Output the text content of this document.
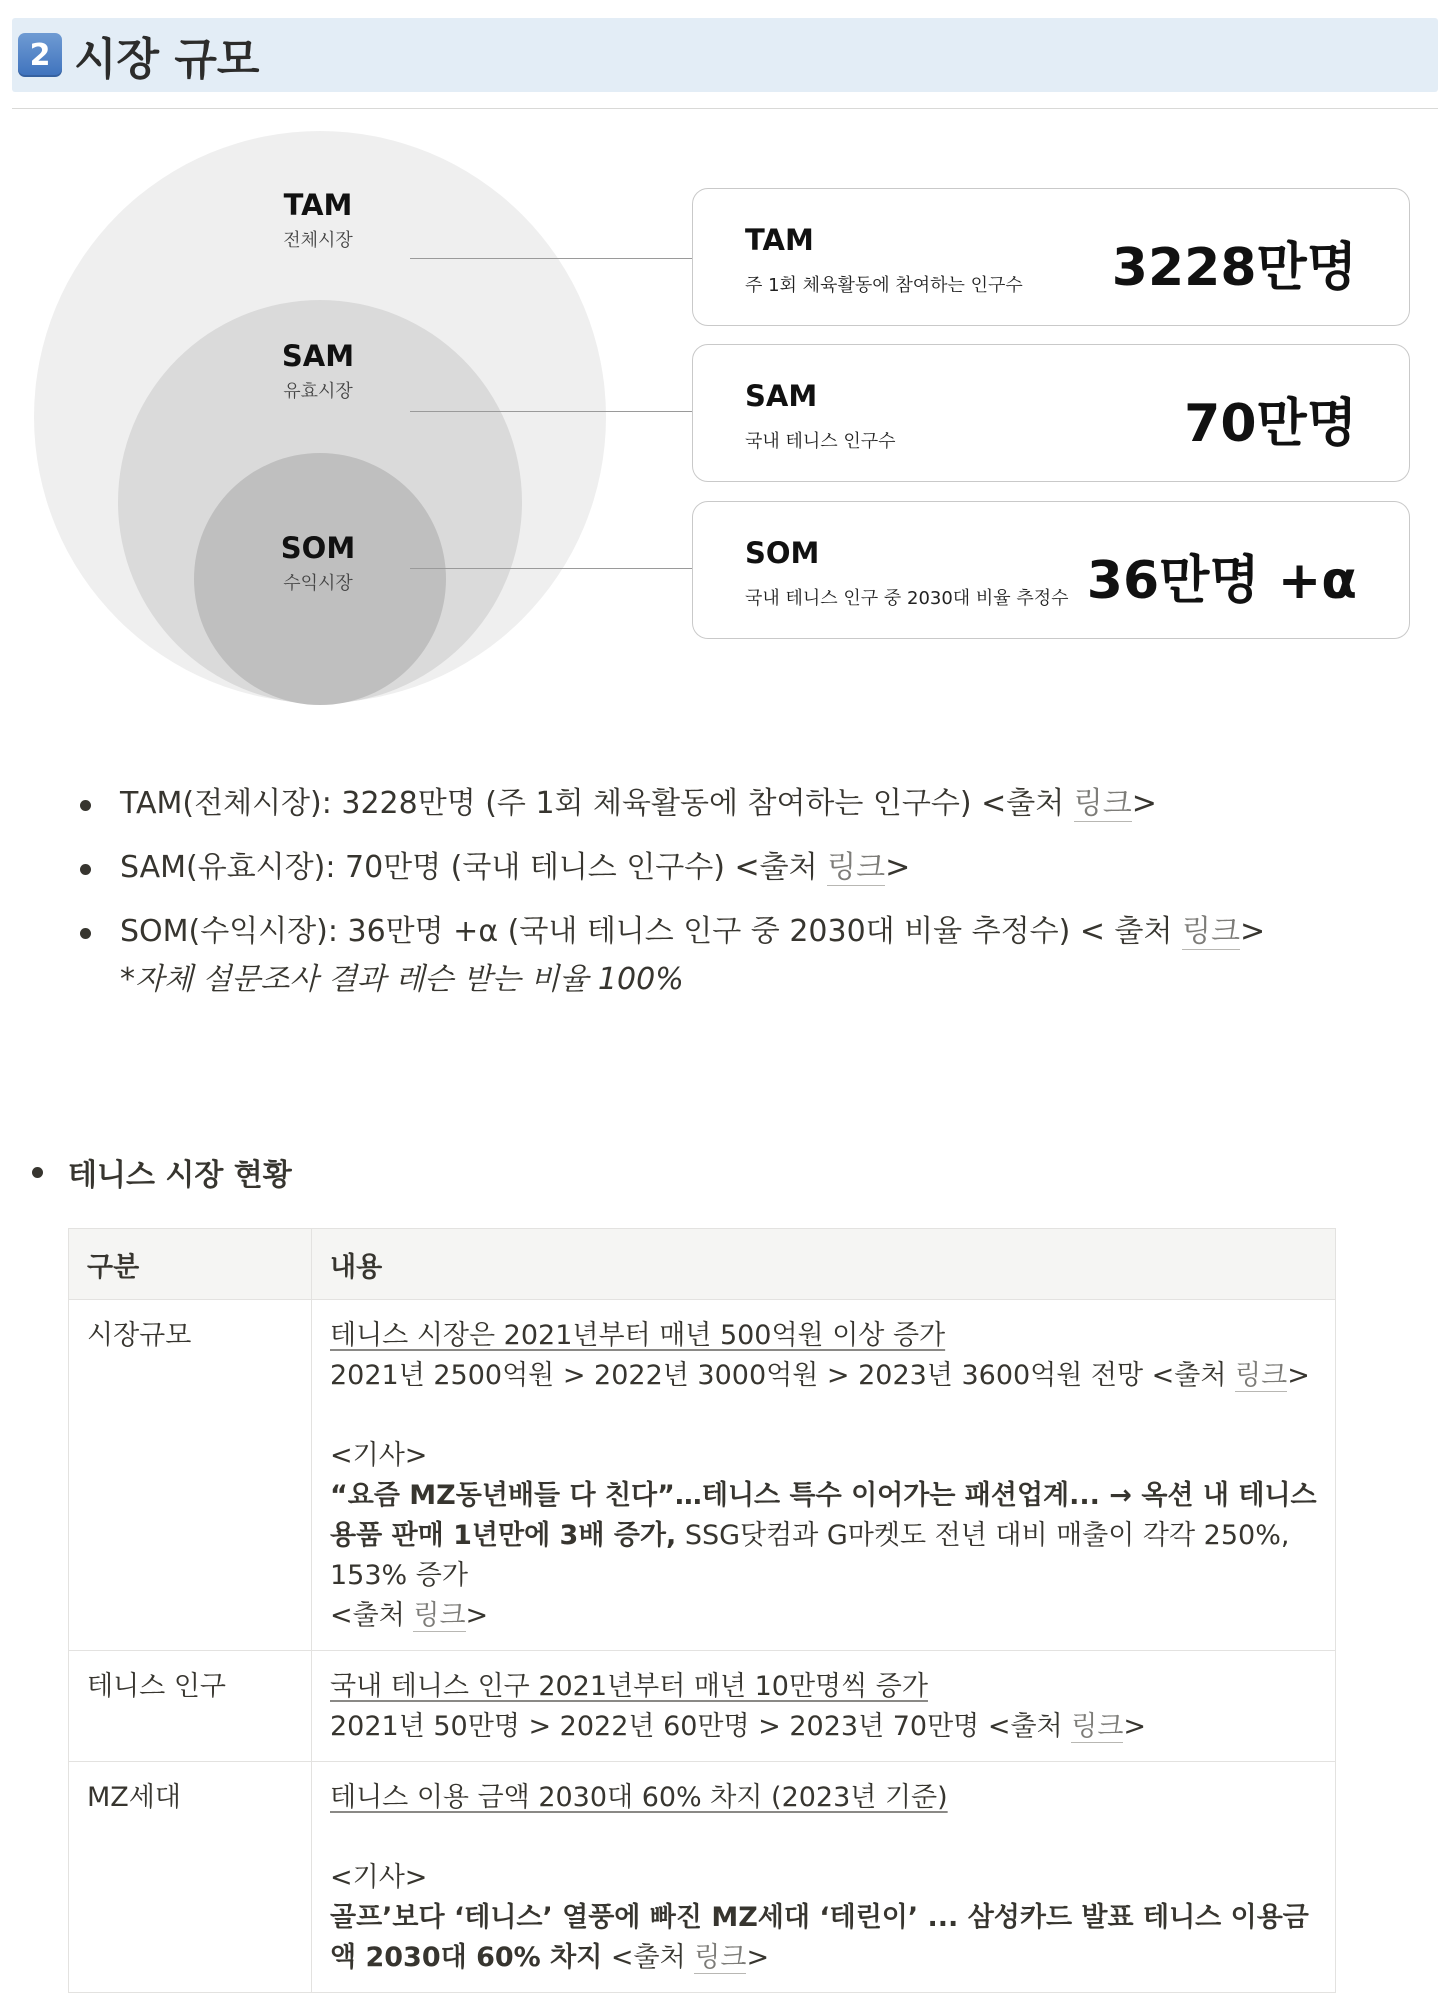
2 시장 규모
TAM
전체시장
SAM
유효시장
SOM
수익시장
TAM
주 1회 체육활동에 참여하는 인구수 3228만명
SAM
국내 테니스 인구수	70만명
SOM
국내 테니스 인구 중 2030대 비율 추정수 36만명 +α
TAM(전체시장): 3228만명 (주 1회 체육활동에 참여하는 인구수) <출처 링크>
SAM(유효시장): 70만명 (국내 테니스 인구수) <출처 링크>
SOM(수익시장): 36만명 +α (국내 테니스 인구 중 2030대 비율 추정수) < 출처 링크>
*자체 설문조사 결과 레슨 받는 비율 100%
테니스 시장 현황
구분	내용
시장규모	테니스 시장은 2021년부터 매년 500억원 이상 증가
2021년 2500억원 > 2022년 3000억원 > 2023년 3600억원 전망 <출처 링크>
<기사>
“요즘 MZ동년배들 다 친다”…테니스 특수 이어가는 패션업계... → 옥션 내 테니스 용품 판매 1년만에 3배 증가, SSG닷컴과 G마켓도 전년 대비 매출이 각각 250%, 153% 증가
<출처 링크>

테니스 인구	국내 테니스 인구 2021년부터 매년 10만명씩 증가
2021년 50만명 > 2022년 60만명 > 2023년 70만명 <출처 링크>

MZ세대	테니스 이용 금액 2030대 60% 차지 (2023년 기준)
<기사>
골프’보다 ‘테니스’ 열풍에 빠진 MZ세대 ‘테린이’ ... 삼성카드 발표 테니스 이용금액 2030대 60% 차지 <출처 링크>
